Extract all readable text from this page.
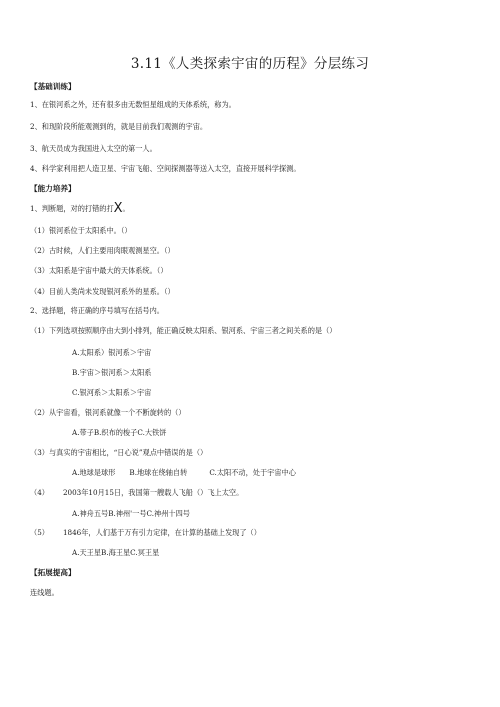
3.11《人类探索宇宙的历程》分层练习
【基础训练】
1、在银河系之外，还有很多由无数恒星组成的天体系统，称为。
2、和现阶段所能观测到的，就是目前我们观测的宇宙。
3、航天员成为我国进入太空的第一人。
4、科学家利用把人造卫星、宇宙飞船、空间探测器等送入太空，直接开展科学探测。
【能力培养】
1、判断题，对的打错的打X。
（1）银河系位于太阳系中。（）
（2）古时候，人们主要用肉眼观测星空。（）
（3）太阳系是宇宙中最大的天体系统。（）
（4）目前人类尚未发现银河系外的星系。（）
2、选择题，将正确的序号填写在括号内。
（1）下列选项按照顺序由大到小排列，能正确反映太阳系、银河系、宇宙三者之间关系的是（）
A.太阳系）银河系＞宇宙
B.宇宙＞银河系＞太阳系
C.银河系＞太阳系＞宇宙
（2）从宇宙看，银河系就像一个不断旋转的（）
A.带子B.织布的梭子C.大铁饼
（3）与真实的宇宙相比，“日心说”观点中错误的是（）
A.地球是球形 B.地球在绕轴自转	C.太阳不动，处于宇宙中心
（4） 2003年10月15日，我国第一艘载人飞船（）飞上太空。
A.神舟五号B.神州'一号C.神州十四号
（5） 1846年，人们基于万有引力定律，在计算的基础上发现了（）
A.天王星B.海王星C.冥王星
【拓展提高】
连线题。
